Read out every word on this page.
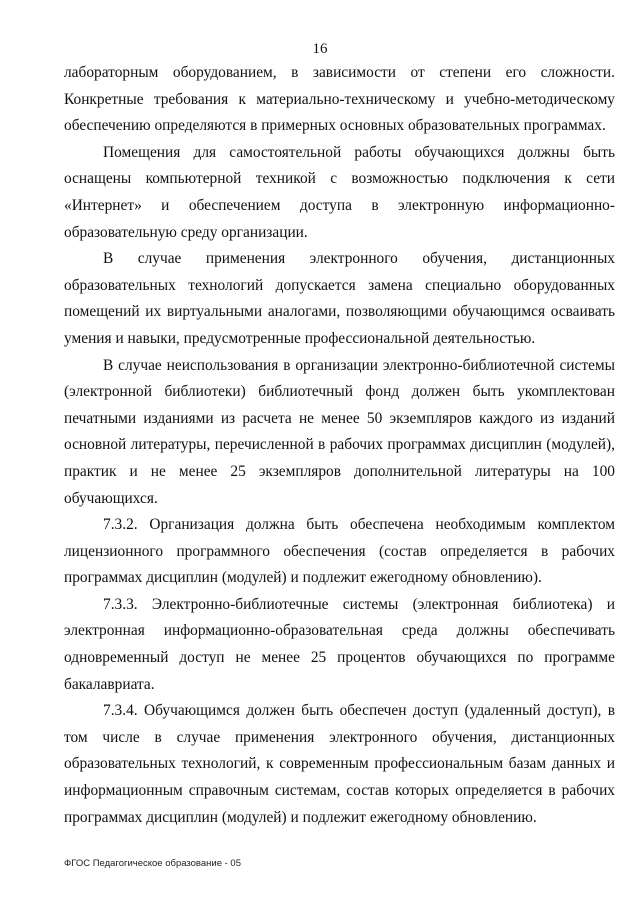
16

лабораторным оборудованием, в зависимости от степени его сложности. Конкретные требования к материально-техническому и учебно-методическому обеспечению определяются в примерных основных образовательных программах.

Помещения для самостоятельной работы обучающихся должны быть оснащены компьютерной техникой с возможностью подключения к сети «Интернет» и обеспечением доступа в электронную информационно-образовательную среду организации.

В случае применения электронного обучения, дистанционных образовательных технологий допускается замена специально оборудованных помещений их виртуальными аналогами, позволяющими обучающимся осваивать умения и навыки, предусмотренные профессиональной деятельностью.

В случае неиспользования в организации электронно-библиотечной системы (электронной библиотеки) библиотечный фонд должен быть укомплектован печатными изданиями из расчета не менее 50 экземпляров каждого из изданий основной литературы, перечисленной в рабочих программах дисциплин (модулей), практик и не менее 25 экземпляров дополнительной литературы на 100 обучающихся.

7.3.2. Организация должна быть обеспечена необходимым комплектом лицензионного программного обеспечения (состав определяется в рабочих программах дисциплин (модулей) и подлежит ежегодному обновлению).

7.3.3. Электронно-библиотечные системы (электронная библиотека) и электронная информационно-образовательная среда должны обеспечивать одновременный доступ не менее 25 процентов обучающихся по программе бакалавриата.

7.3.4. Обучающимся должен быть обеспечен доступ (удаленный доступ), в том числе в случае применения электронного обучения, дистанционных образовательных технологий, к современным профессиональным базам данных и информационным справочным системам, состав которых определяется в рабочих программах дисциплин (модулей) и подлежит ежегодному обновлению.

ФГОС Педагогическое образование - 05
